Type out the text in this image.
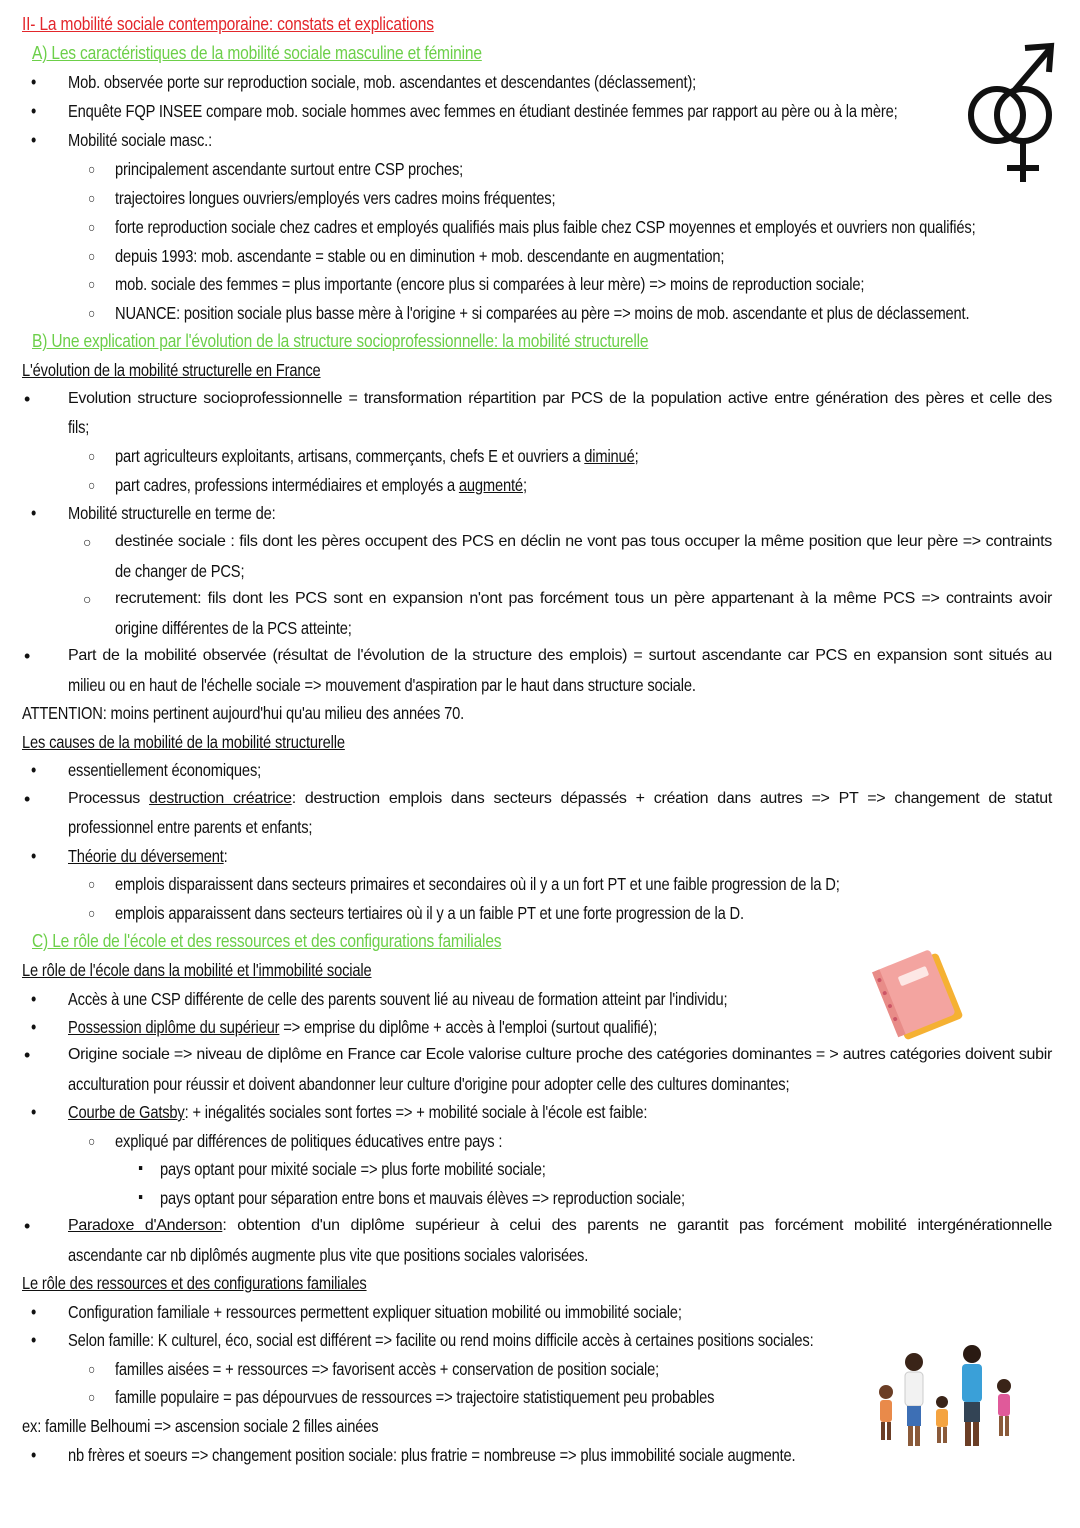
II- La mobilité sociale contemporaine: constats et explications
A) Les caractéristiques de la mobilité sociale masculine et féminine
• Mob. observée porte sur reproduction sociale, mob. ascendantes et descendantes (déclassement);
• Enquête FQP INSEE compare mob. sociale hommes avec femmes en étudiant destinée femmes par rapport au père ou à la mère;
• Mobilité sociale masc.:
○ principalement ascendante surtout entre CSP proches;
○ trajectoires longues ouvriers/employés vers cadres moins fréquentes;
○ forte reproduction sociale chez cadres et employés qualifiés mais plus faible chez CSP moyennes et employés et ouvriers non qualifiés;
○ depuis 1993: mob. ascendante = stable ou en diminution + mob. descendante en augmentation;
○ mob. sociale des femmes = plus importante (encore plus si comparées à leur mère) => moins de reproduction sociale;
○ NUANCE: position sociale plus basse mère à l'origine + si comparées au père => moins de mob. ascendante et plus de déclassement.
B) Une explication par l'évolution de la structure socioprofessionnelle: la mobilité structurelle
L'évolution de la mobilité structurelle en France
• Evolution structure socioprofessionnelle = transformation répartition par PCS de la population active entre génération des pères et celle des
fils;
○ part agriculteurs exploitants, artisans, commerçants, chefs E et ouvriers a diminué;
○ part cadres, professions intermédiaires et employés a augmenté;
• Mobilité structurelle en terme de:
○ destinée sociale : fils dont les pères occupent des PCS en déclin ne vont pas tous occuper la même position que leur père => contraints
de changer de PCS;
○ recrutement: fils dont les PCS sont en expansion n'ont pas forcément tous un père appartenant à la même PCS => contraints avoir
origine différentes de la PCS atteinte;
• Part de la mobilité observée (résultat de l'évolution de la structure des emplois) = surtout ascendante car PCS en expansion sont situés au
milieu ou en haut de l'échelle sociale => mouvement d'aspiration par le haut dans structure sociale.
ATTENTION: moins pertinent aujourd'hui qu'au milieu des années 70.
Les causes de la mobilité de la mobilité structurelle
• essentiellement économiques;
• Processus destruction créatrice: destruction emplois dans secteurs dépassés + création dans autres => PT => changement de statut
professionnel entre parents et enfants;
• Théorie du déversement:
○ emplois disparaissent dans secteurs primaires et secondaires où il y a un fort PT et une faible progression de la D;
○ emplois apparaissent dans secteurs tertiaires où il y a un faible PT et une forte progression de la D.
C) Le rôle de l'école et des ressources et des configurations familiales
Le rôle de l'école dans la mobilité et l'immobilité sociale
• Accès à une CSP différente de celle des parents souvent lié au niveau de formation atteint par l'individu;
• Possession diplôme du supérieur => emprise du diplôme + accès à l'emploi (surtout qualifié);
• Origine sociale => niveau de diplôme en France car Ecole valorise culture proche des catégories dominantes = > autres catégories doivent subir
acculturation pour réussir et doivent abandonner leur culture d'origine pour adopter celle des cultures dominantes;
• Courbe de Gatsby: + inégalités sociales sont fortes => + mobilité sociale à l'école est faible:
○ expliqué par différences de politiques éducatives entre pays :
▪ pays optant pour mixité sociale => plus forte mobilité sociale;
▪ pays optant pour séparation entre bons et mauvais élèves => reproduction sociale;
• Paradoxe d'Anderson: obtention d'un diplôme supérieur à celui des parents ne garantit pas forcément mobilité intergénérationnelle
ascendante car nb diplômés augmente plus vite que positions sociales valorisées.
Le rôle des ressources et des configurations familiales
• Configuration familiale + ressources permettent expliquer situation mobilité ou immobilité sociale;
• Selon famille: K culturel, éco, social est différent => facilite ou rend moins difficile accès à certaines positions sociales:
○ familles aisées = + ressources => favorisent accès + conservation de position sociale;
○ famille populaire = pas dépourvues de ressources => trajectoire statistiquement peu probables
ex: famille Belhoumi => ascension sociale 2 filles ainées
• nb frères et soeurs => changement position sociale: plus fratrie = nombreuse => plus immobilité sociale augmente.
